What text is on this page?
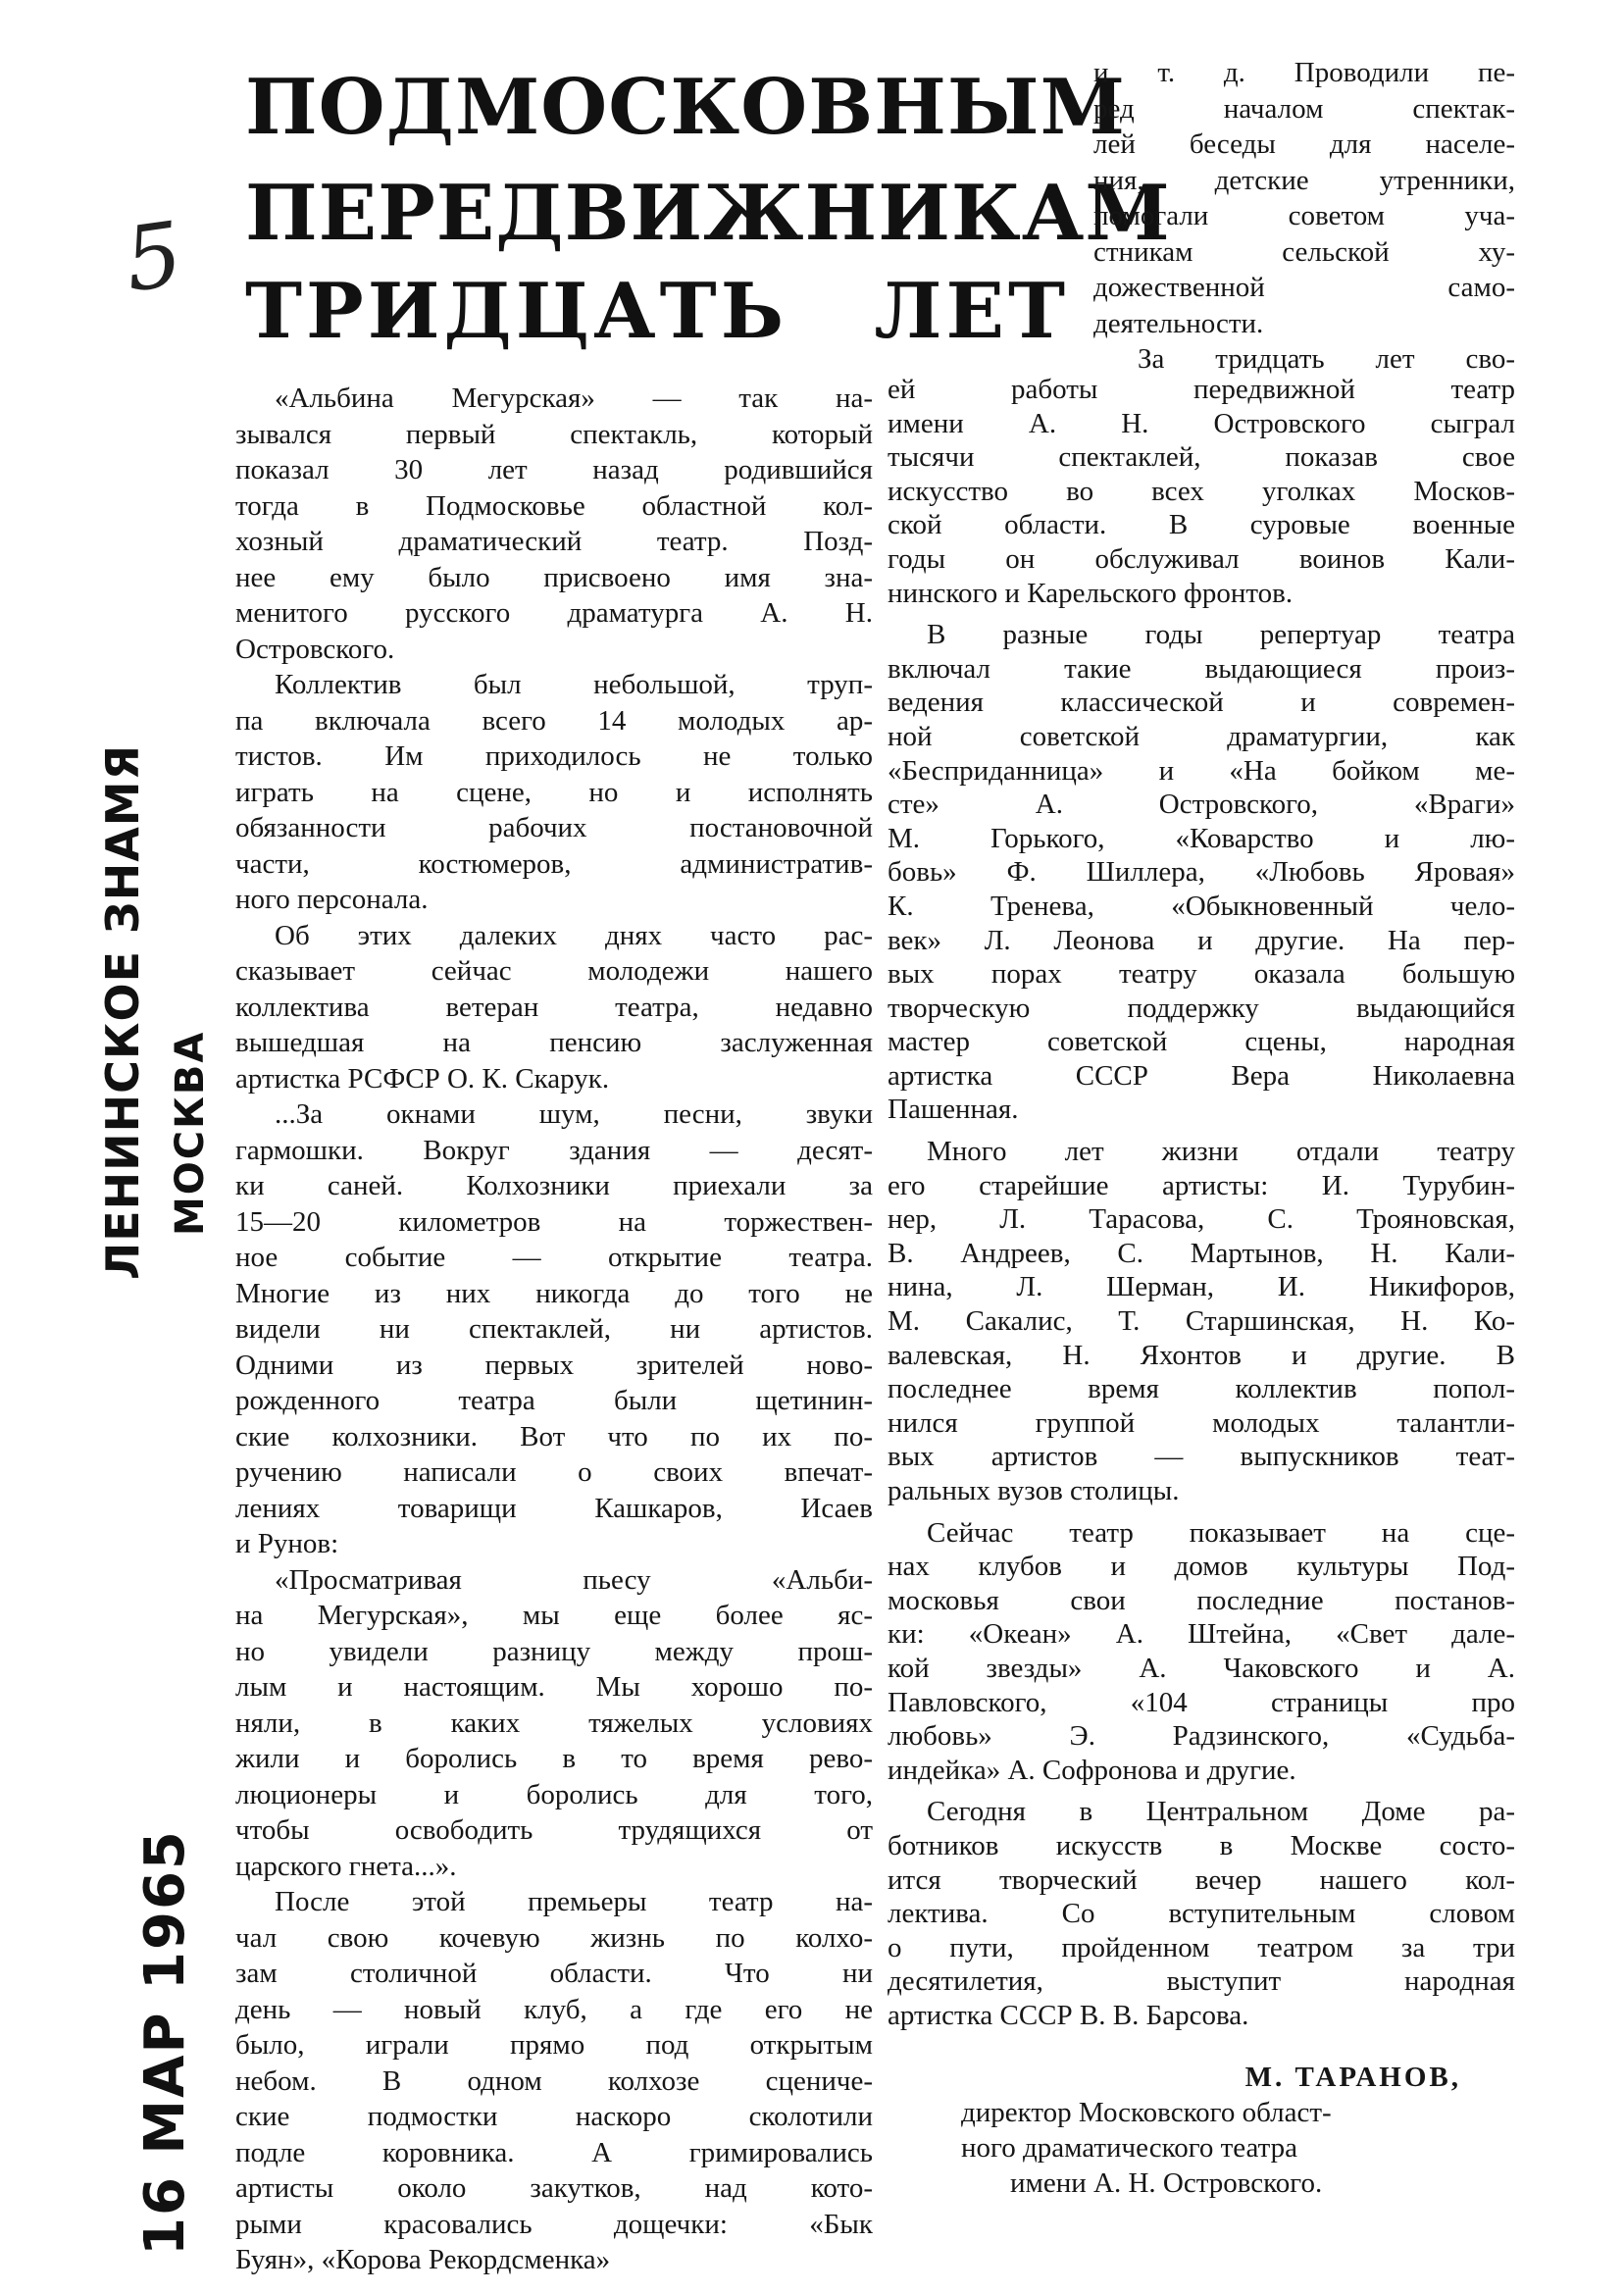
5
ЛЕНИНСКОЕ ЗНАМЯ МОСКВА
16 МАР 1965
ПОДМОСКОВНЫМ
ПЕРЕДВИЖНИКАМ
ТРИДЦАТЬ ЛЕТ
«Альбина Мегурская» — так на-
зывался первый спектакль, который
показал 30 лет назад родившийся
тогда в Подмосковье областной кол-
хозный драматический театр. Позд-
нее ему было присвоено имя зна-
менитого русского драматурга А. Н.
Островского.
Коллектив был небольшой, труп-
па включала всего 14 молодых ар-
тистов. Им приходилось не только
играть на сцене, но и исполнять
обязанности рабочих постановочной
части, костюмеров, административ-
ного персонала.
Об этих далеких днях часто рас-
сказывает сейчас молодежи нашего
коллектива ветеран театра, недавно
вышедшая на пенсию заслуженная
артистка РСФСР О. К. Скарук.
...За окнами шум, песни, звуки
гармошки. Вокруг здания — десят-
ки саней. Колхозники приехали за
15—20 километров на торжествен-
ное событие — открытие театра.
Многие из них никогда до того не
видели ни спектаклей, ни артистов.
Одними из первых зрителей ново-
рожденного театра были щетинин-
ские колхозники. Вот что по их по-
ручению написали о своих впечат-
лениях товарищи Кашкаров, Исаев
и Рунов:
«Просматривая пьесу «Альби-
на Мегурская», мы еще более яс-
но увидели разницу между прош-
лым и настоящим. Мы хорошо по-
няли, в каких тяжелых условиях
жили и боролись в то время рево-
люционеры и боролись для того,
чтобы освободить трудящихся от
царского гнета...».
После этой премьеры театр на-
чал свою кочевую жизнь по колхо-
зам столичной области. Что ни
день — новый клуб, а где его не
было, играли прямо под открытым
небом. В одном колхозе сцениче-
ские подмостки наскоро сколотили
подле коровника. А гримировались
артисты около закутков, над кото-
рыми красовались дощечки: «Бык
Буян», «Корова Рекордсменка»
и т. д. Проводили пе-
ред началом спектак-
лей беседы для населе-
ния, детские утренники,
помогали советом уча-
стникам сельской ху-
дожественной само-
деятельности.
За тридцать лет сво-
ей работы передвижной театр
имени А. Н. Островского сыграл
тысячи спектаклей, показав свое
искусство во всех уголках Москов-
ской области. В суровые военные
годы он обслуживал воинов Кали-
нинского и Карельского фронтов.
В разные годы репертуар театра
включал такие выдающиеся произ-
ведения классической и современ-
ной советской драматургии, как
«Бесприданница» и «На бойком ме-
сте» А. Островского, «Враги»
М. Горького, «Коварство и лю-
бовь» Ф. Шиллера, «Любовь Яровая»
К. Тренева, «Обыкновенный чело-
век» Л. Леонова и другие. На пер-
вых порах театру оказала большую
творческую поддержку выдающийся
мастер советской сцены, народная
артистка СССР Вера Николаевна
Пашенная.
Много лет жизни отдали театру
его старейшие артисты: И. Турубин-
нер, Л. Тарасова, С. Трояновская,
В. Андреев, С. Мартынов, Н. Кали-
нина, Л. Шерман, И. Никифоров,
М. Сакалис, Т. Старшинская, Н. Ко-
валевская, Н. Яхонтов и другие. В
последнее время коллектив попол-
нился группой молодых талантли-
вых артистов — выпускников теат-
ральных вузов столицы.
Сейчас театр показывает на сце-
нах клубов и домов культуры Под-
московья свои последние постанов-
ки: «Океан» А. Штейна, «Свет дале-
кой звезды» А. Чаковского и А.
Павловского, «104 страницы про
любовь» Э. Радзинского, «Судьба-
индейка» А. Софронова и другие.
Сегодня в Центральном Доме ра-
ботников искусств в Москве состо-
ится творческий вечер нашего кол-
лектива. Со вступительным словом
о пути, пройденном театром за три
десятилетия, выступит народная
артистка СССР В. В. Барсова.
М. ТАРАНОВ,
директор Московского област-
ного драматического театра
имени А. Н. Островского.
